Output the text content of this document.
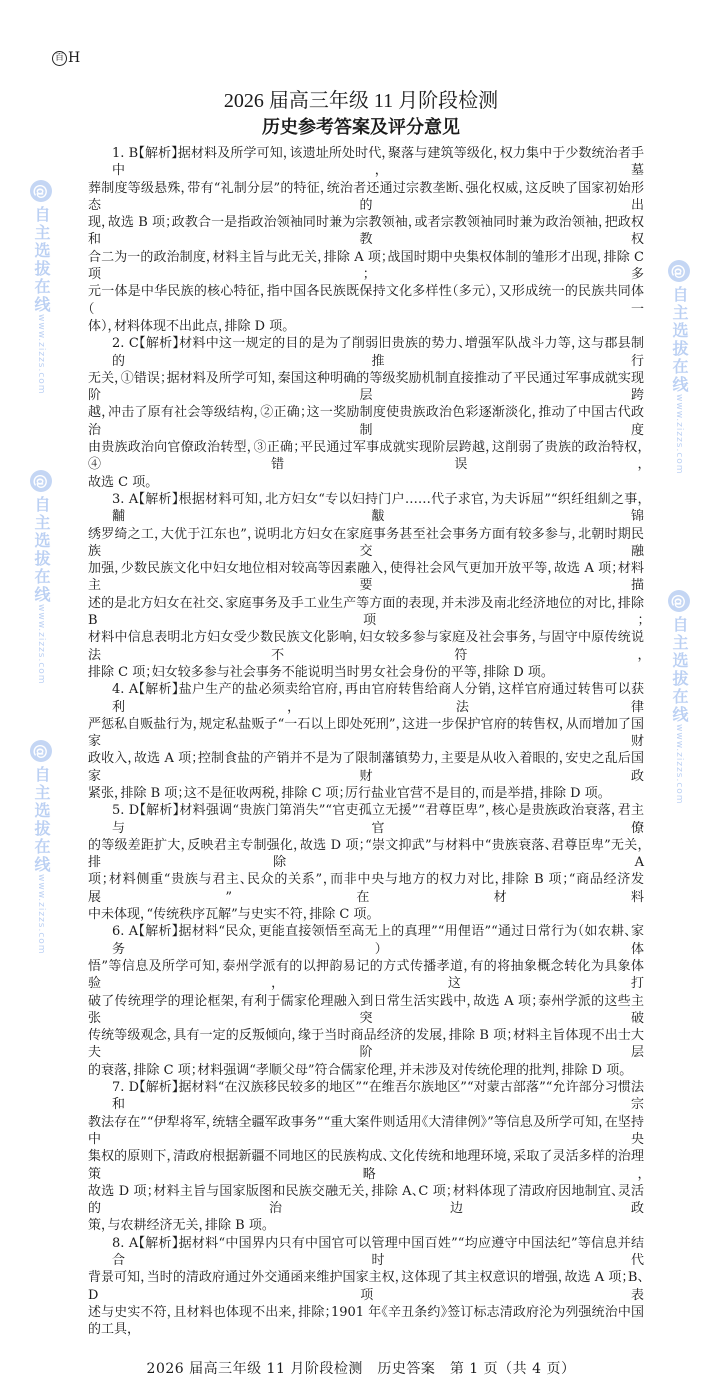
百 H
2026 届高三年级 11 月阶段检测
历史参考答案及评分意见
1. B【解析】据材料及所学可知，该遗址所处时代，聚落与建筑等级化，权力集中于少数统治者手中，墓
葬制度等级悬殊，带有“礼制分层”的特征，统治者还通过宗教垄断、强化权威，这反映了国家初始形态的出
现，故选 B 项；政教合一是指政治领袖同时兼为宗教领袖，或者宗教领袖同时兼为政治领袖，把政权和教权
合二为一的政治制度，材料主旨与此无关，排除 A 项；战国时期中央集权体制的雏形才出现，排除 C 项；多
元一体是中华民族的核心特征，指中国各民族既保持文化多样性（多元），又形成统一的民族共同体（一
体），材料体现不出此点，排除 D 项。
2. C【解析】材料中这一规定的目的是为了削弱旧贵族的势力、增强军队战斗力等，这与郡县制的推行
无关，①错误；据材料及所学可知，秦国这种明确的等级奖励机制直接推动了平民通过军事成就实现阶层跨
越，冲击了原有社会等级结构，②正确；这一奖励制度使贵族政治色彩逐渐淡化，推动了中国古代政治制度
由贵族政治向官僚政治转型，③正确；平民通过军事成就实现阶层跨越，这削弱了贵族的政治特权，④错误，
故选 C 项。
3. A【解析】根据材料可知，北方妇女“专以妇持门户……代子求官，为夫诉屈”“织纴组紃之事，黼黻锦
绣罗绮之工，大优于江东也”，说明北方妇女在家庭事务甚至社会事务方面有较多参与，北朝时期民族交融
加强，少数民族文化中妇女地位相对较高等因素融入，使得社会风气更加开放平等，故选 A 项；材料主要描
述的是北方妇女在社交、家庭事务及手工业生产等方面的表现，并未涉及南北经济地位的对比，排除 B 项；
材料中信息表明北方妇女受少数民族文化影响，妇女较多参与家庭及社会事务，与固守中原传统说法不符，
排除 C 项；妇女较多参与社会事务不能说明当时男女社会身份的平等，排除 D 项。
4. A【解析】盐户生产的盐必须卖给官府，再由官府转售给商人分销，这样官府通过转售可以获利，法律
严惩私自贩盐行为，规定私盐贩子“一石以上即处死刑”，这进一步保护官府的转售权，从而增加了国家财
政收入，故选 A 项；控制食盐的产销并不是为了限制藩镇势力，主要是从收入着眼的，安史之乱后国家财政
紧张，排除 B 项；这不是征收两税，排除 C 项；厉行盐业官营不是目的，而是举措，排除 D 项。
5. D【解析】材料强调“贵族门第消失”“官吏孤立无援”“君尊臣卑”，核心是贵族政治衰落，君主与官僚
的等级差距扩大，反映君主专制强化，故选 D 项；“崇文抑武”与材料中“贵族衰落、君尊臣卑”无关，排除 A
项；材料侧重“贵族与君主、民众的关系”，而非中央与地方的权力对比，排除 B 项；“商品经济发展”在材料
中未体现，“传统秩序瓦解”与史实不符，排除 C 项。
6. A【解析】据材料“民众，更能直接领悟至高无上的真理”“用俚语”“通过日常行为（如农耕、家务）体
悟”等信息及所学可知，泰州学派有的以押韵易记的方式传播孝道，有的将抽象概念转化为具象体验，这打
破了传统理学的理论框架，有利于儒家伦理融入到日常生活实践中，故选 A 项；泰州学派的这些主张突破
传统等级观念，具有一定的反叛倾向，缘于当时商品经济的发展，排除 B 项；材料主旨体现不出士大夫阶层
的衰落，排除 C 项；材料强调“孝顺父母”符合儒家伦理，并未涉及对传统伦理的批判，排除 D 项。
7. D【解析】据材料“在汉族移民较多的地区”“在维吾尔族地区”“对蒙古部落”“允许部分习惯法和宗
教法存在”“伊犁将军，统辖全疆军政事务”“重大案件则适用《大清律例》”等信息及所学可知，在坚持中央
集权的原则下，清政府根据新疆不同地区的民族构成、文化传统和地理环境，采取了灵活多样的治理策略，
故选 D 项；材料主旨与国家版图和民族交融无关，排除 A、C 项；材料体现了清政府因地制宜、灵活的治边政
策，与农耕经济无关，排除 B 项。
8. A【解析】据材料“中国界内只有中国官可以管理中国百姓”“均应遵守中国法纪”等信息并结合时代
背景可知，当时的清政府通过外交通函来维护国家主权，这体现了其主权意识的增强，故选 A 项；B、D 项表
述与史实不符，且材料也体现不出来，排除；1901 年《辛丑条约》签订标志清政府沦为列强统治中国的工具，
2026 届高三年级 11 月阶段检测　历史答案　第 1 页（共 4 页）
@自主选拔在线www.zizzs.com
@自主选拔在线www.zizzs.com
@自主选拔在线www.zizzs.com
@自主选拔在线www.zizzs.com
@自主选拔在线www.zizzs.com
